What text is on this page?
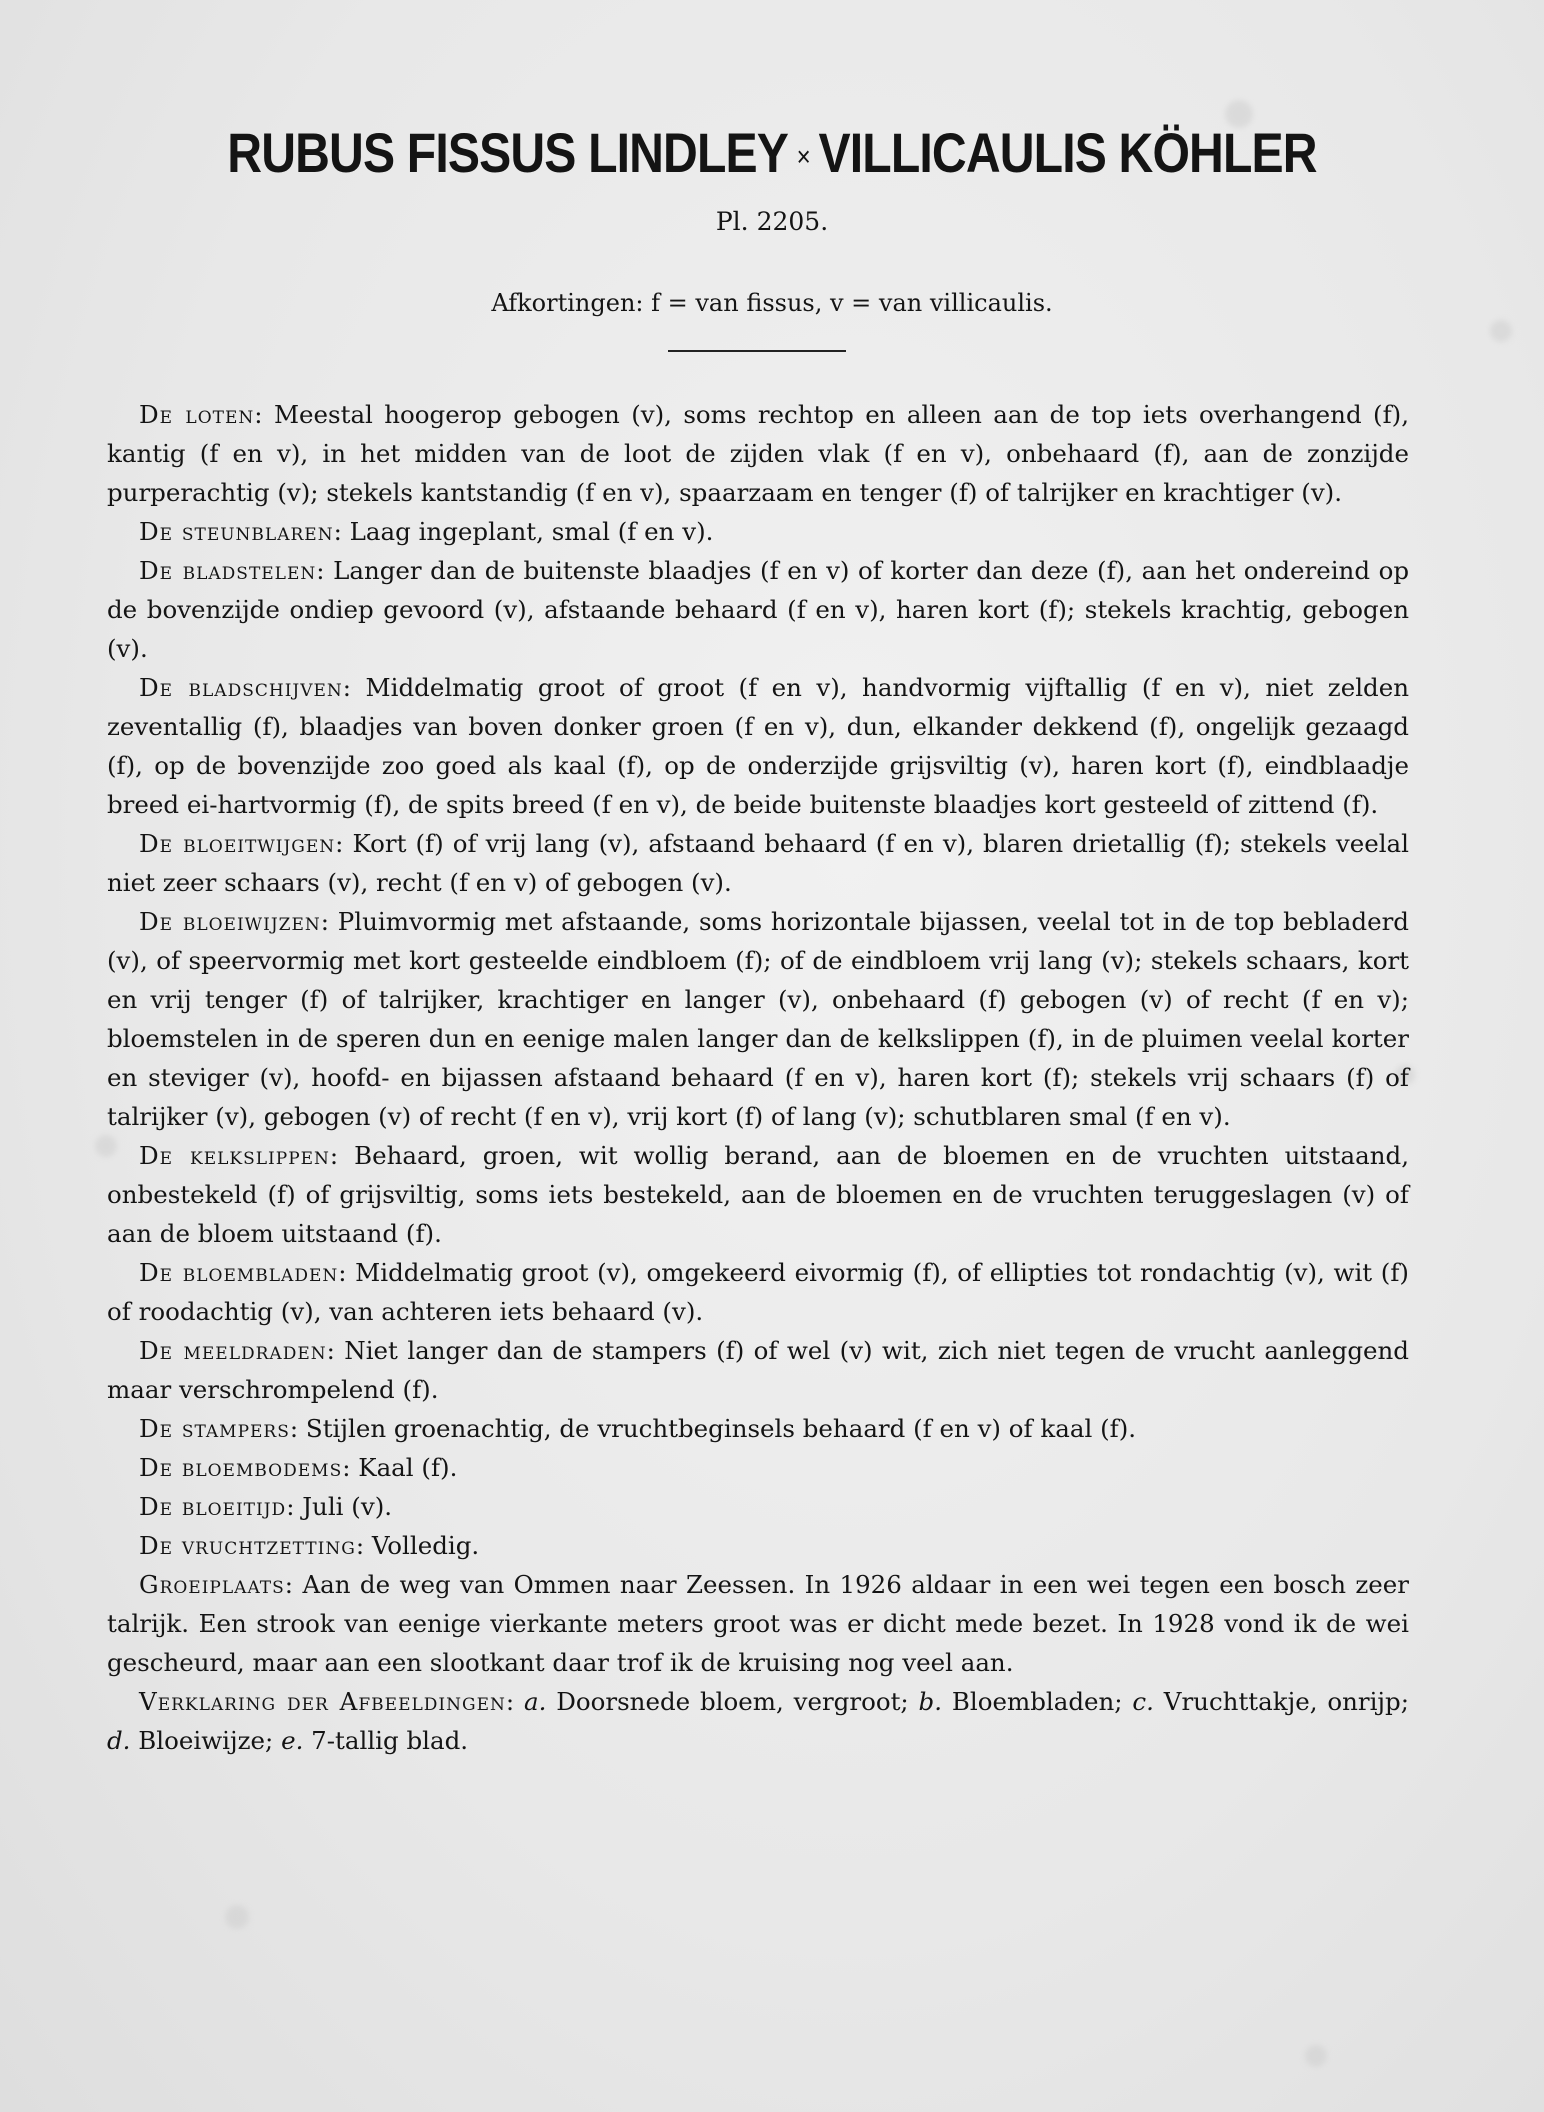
RUBUS FISSUS LINDLEY × VILLICAULIS KÖHLER
Pl. 2205.
Afkortingen: f = van fissus, v = van villicaulis.

De loten: Meestal hoogerop gebogen (v), soms rechtop en alleen aan de top iets overhangend (f), kantig (f en v), in het midden van de loot de zijden vlak (f en v), onbehaard (f), aan de zonzijde purperachtig (v); stekels kantstandig (f en v), spaarzaam en tenger (f) of talrijker en krachtiger (v).

De steunblaren: Laag ingeplant, smal (f en v).

De bladstelen: Langer dan de buitenste blaadjes (f en v) of korter dan deze (f), aan het ondereind op de bovenzijde ondiep gevoord (v), afstaande behaard (f en v), haren kort (f); stekels krachtig, gebogen (v).

De bladschijven: Middelmatig groot of groot (f en v), handvormig vijftallig (f en v), niet zelden zeventallig (f), blaadjes van boven donker groen (f en v), dun, elkander dekkend (f), ongelijk gezaagd (f), op de bovenzijde zoo goed als kaal (f), op de onderzijde grijsviltig (v), haren kort (f), eindblaadje breed ei-hartvormig (f), de spits breed (f en v), de beide buitenste blaadjes kort gesteeld of zittend (f).

De bloeitwijgen: Kort (f) of vrij lang (v), afstaand behaard (f en v), blaren drietallig (f); stekels veelal niet zeer schaars (v), recht (f en v) of gebogen (v).

De bloeiwijzen: Pluimvormig met afstaande, soms horizontale bijassen, veelal tot in de top bebladerd (v), of speervormig met kort gesteelde eindbloem (f); of de eindbloem vrij lang (v); stekels schaars, kort en vrij tenger (f) of talrijker, krachtiger en langer (v), onbehaard (f) gebogen (v) of recht (f en v); bloemstelen in de speren dun en eenige malen langer dan de kelkslippen (f), in de pluimen veelal korter en steviger (v), hoofd- en bijassen afstaand behaard (f en v), haren kort (f); stekels vrij schaars (f) of talrijker (v), gebogen (v) of recht (f en v), vrij kort (f) of lang (v); schutblaren smal (f en v).

De kelkslippen: Behaard, groen, wit wollig berand, aan de bloemen en de vruchten uitstaand, onbestekeld (f) of grijsviltig, soms iets bestekeld, aan de bloemen en de vruchten teruggeslagen (v) of aan de bloem uitstaand (f).

De bloembladen: Middelmatig groot (v), omgekeerd eivormig (f), of ellipties tot rondachtig (v), wit (f) of roodachtig (v), van achteren iets behaard (v).

De meeldraden: Niet langer dan de stampers (f) of wel (v) wit, zich niet tegen de vrucht aanleggend maar verschrompelend (f).

De stampers: Stijlen groenachtig, de vruchtbeginsels behaard (f en v) of kaal (f).

De bloembodems: Kaal (f).

De bloeitijd: Juli (v).

De vruchtzetting: Volledig.

Groeiplaats: Aan de weg van Ommen naar Zeessen. In 1926 aldaar in een wei tegen een bosch zeer talrijk. Een strook van eenige vierkante meters groot was er dicht mede bezet. In 1928 vond ik de wei gescheurd, maar aan een slootkant daar trof ik de kruising nog veel aan.

Verklaring der Afbeeldingen: a. Doorsnede bloem, vergroot; b. Bloembladen; c. Vruchttakje, onrijp; d. Bloeiwijze; e. 7-tallig blad.
